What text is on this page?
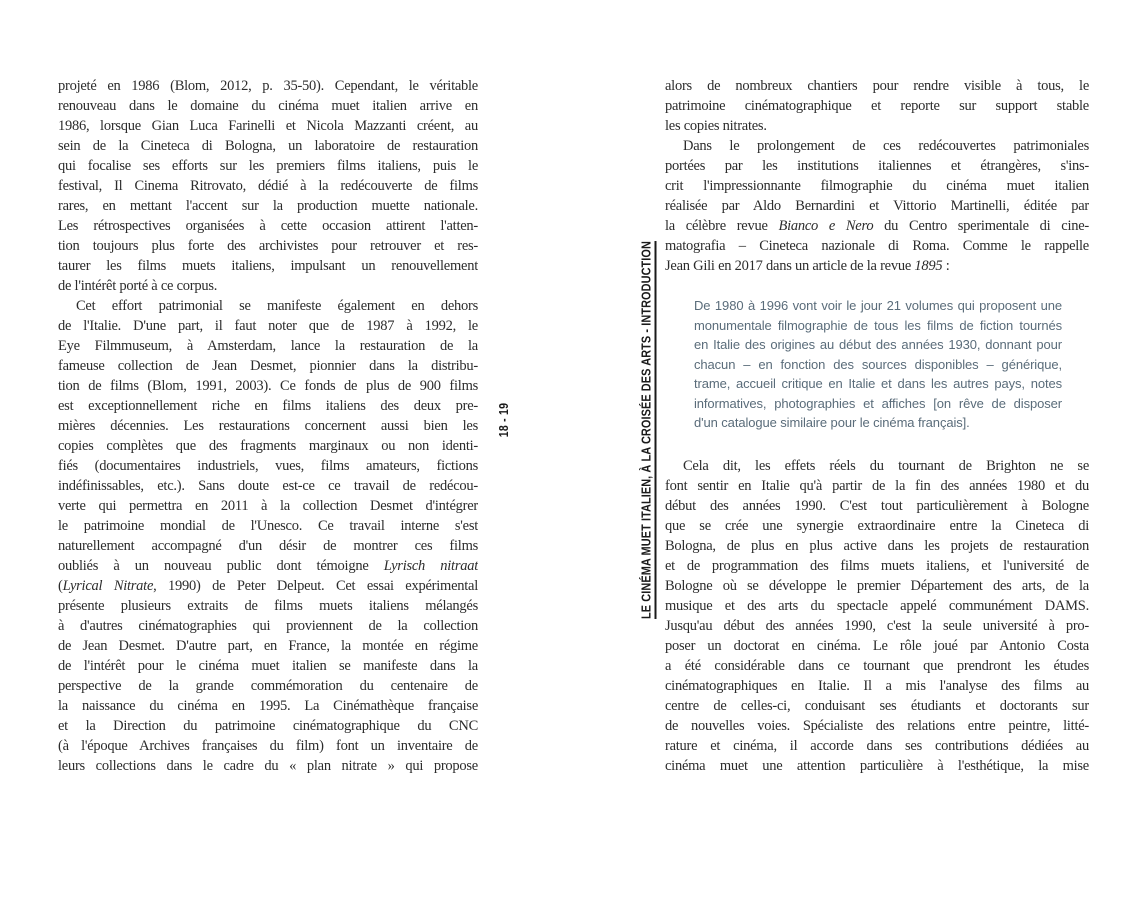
projeté en 1986 (Blom, 2012, p. 35-50). Cependant, le véritable
renouveau dans le domaine du cinéma muet italien arrive en
1986, lorsque Gian Luca Farinelli et Nicola Mazzanti créent, au
sein de la Cineteca di Bologna, un laboratoire de restauration
qui focalise ses efforts sur les premiers films italiens, puis le
festival, Il Cinema Ritrovato, dédié à la redécouverte de films
rares, en mettant l'accent sur la production muette nationale.
Les rétrospectives organisées à cette occasion attirent l'atten-
tion toujours plus forte des archivistes pour retrouver et res-
taurer les films muets italiens, impulsant un renouvellement
de l'intérêt porté à ce corpus.
Cet effort patrimonial se manifeste également en dehors
de l'Italie. D'une part, il faut noter que de 1987 à 1992, le
Eye Filmmuseum, à Amsterdam, lance la restauration de la
fameuse collection de Jean Desmet, pionnier dans la distribu-
tion de films (Blom, 1991, 2003). Ce fonds de plus de 900 films
est exceptionnellement riche en films italiens des deux pre-
mières décennies. Les restaurations concernent aussi bien les
copies complètes que des fragments marginaux ou non identi-
fiés (documentaires industriels, vues, films amateurs, fictions
indéfinissables, etc.). Sans doute est-ce ce travail de redécou-
verte qui permettra en 2011 à la collection Desmet d'intégrer
le patrimoine mondial de l'Unesco. Ce travail interne s'est
naturellement accompagné d'un désir de montrer ces films
oubliés à un nouveau public dont témoigne Lyrisch nitraat
(Lyrical Nitrate, 1990) de Peter Delpeut. Cet essai expérimental
présente plusieurs extraits de films muets italiens mélangés
à d'autres cinématographies qui proviennent de la collection
de Jean Desmet. D'autre part, en France, la montée en régime
de l'intérêt pour le cinéma muet italien se manifeste dans la
perspective de la grande commémoration du centenaire de
la naissance du cinéma en 1995. La Cinémathèque française
et la Direction du patrimoine cinématographique du CNC
(à l'époque Archives françaises du film) font un inventaire de
leurs collections dans le cadre du « plan nitrate » qui propose
18 - 19	LE CINÉMA MUET ITALIEN, À LA CROISÉE DES ARTS - INTRODUCTION
alors de nombreux chantiers pour rendre visible à tous, le
patrimoine cinématographique et reporte sur support stable
les copies nitrates.
Dans le prolongement de ces redécouvertes patrimoniales
portées par les institutions italiennes et étrangères, s'ins-
crit l'impressionnante filmographie du cinéma muet italien
réalisée par Aldo Bernardini et Vittorio Martinelli, éditée par
la célèbre revue Bianco e Nero du Centro sperimentale di cine-
matografia – Cineteca nazionale di Roma. Comme le rappelle
Jean Gili en 2017 dans un article de la revue 1895 :
De 1980 à 1996 vont voir le jour 21 volumes qui proposent une
monumentale filmographie de tous les films de fiction tournés
en Italie des origines au début des années 1930, donnant pour
chacun – en fonction des sources disponibles – générique,
trame, accueil critique en Italie et dans les autres pays, notes
informatives, photographies et affiches [on rêve de disposer
d'un catalogue similaire pour le cinéma français].
Cela dit, les effets réels du tournant de Brighton ne se
font sentir en Italie qu'à partir de la fin des années 1980 et du
début des années 1990. C'est tout particulièrement à Bologne
que se crée une synergie extraordinaire entre la Cineteca di
Bologna, de plus en plus active dans les projets de restauration
et de programmation des films muets italiens, et l'université de
Bologne où se développe le premier Département des arts, de la
musique et des arts du spectacle appelé communément DAMS.
Jusqu'au début des années 1990, c'est la seule université à pro-
poser un doctorat en cinéma. Le rôle joué par Antonio Costa
a été considérable dans ce tournant que prendront les études
cinématographiques en Italie. Il a mis l'analyse des films au
centre de celles-ci, conduisant ses étudiants et doctorants sur
de nouvelles voies. Spécialiste des relations entre peintre, litté-
rature et cinéma, il accorde dans ses contributions dédiées au
cinéma muet une attention particulière à l'esthétique, la mise
